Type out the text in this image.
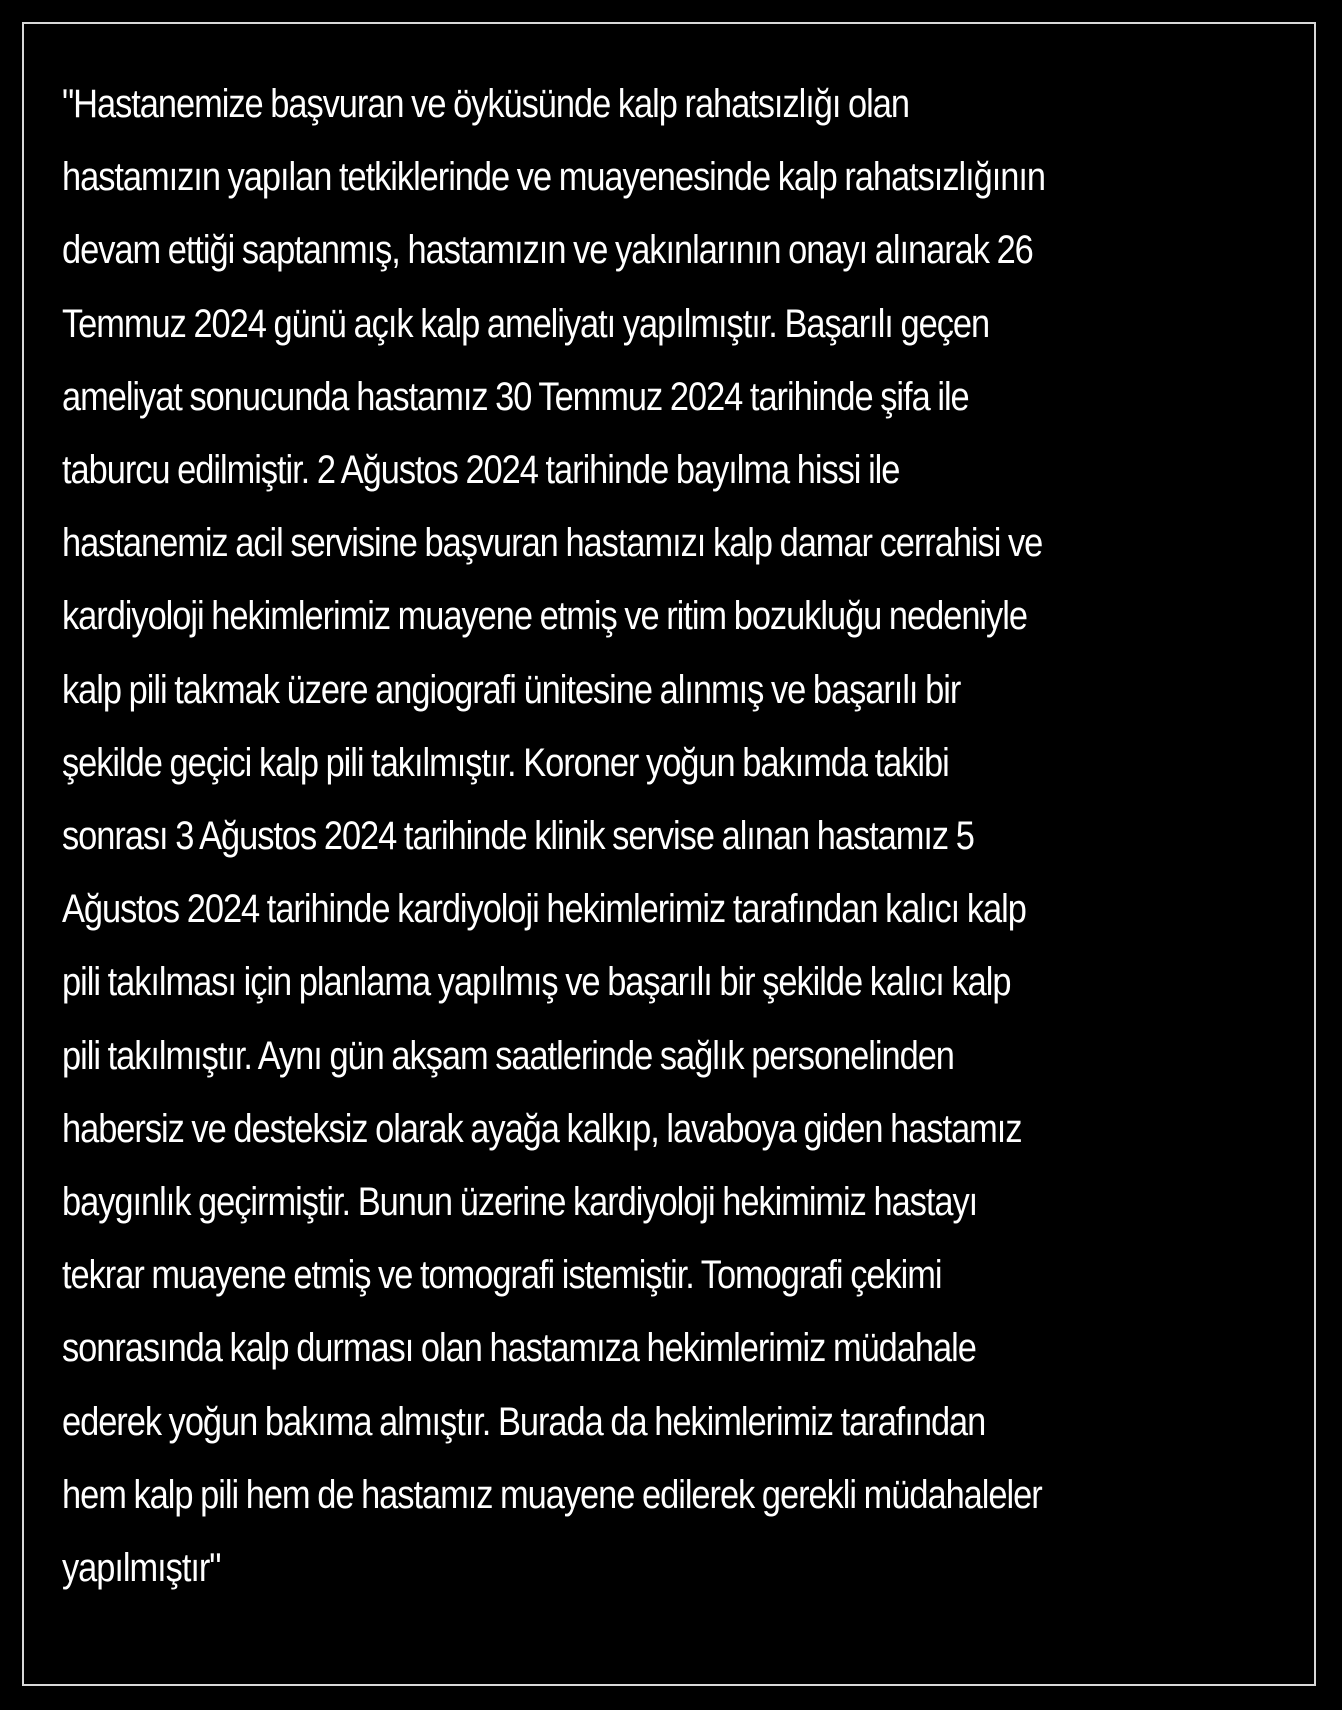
"Hastanemize başvuran ve öyküsünde kalp rahatsızlığı olan
hastamızın yapılan tetkiklerinde ve muayenesinde kalp rahatsızlığının
devam ettiği saptanmış, hastamızın ve yakınlarının onayı alınarak 26
Temmuz 2024 günü açık kalp ameliyatı yapılmıştır. Başarılı geçen
ameliyat sonucunda hastamız 30 Temmuz 2024 tarihinde şifa ile
taburcu edilmiştir. 2 Ağustos 2024 tarihinde bayılma hissi ile
hastanemiz acil servisine başvuran hastamızı kalp damar cerrahisi ve
kardiyoloji hekimlerimiz muayene etmiş ve ritim bozukluğu nedeniyle
kalp pili takmak üzere angiografi ünitesine alınmış ve başarılı bir
şekilde geçici kalp pili takılmıştır. Koroner yoğun bakımda takibi
sonrası 3 Ağustos 2024 tarihinde klinik servise alınan hastamız 5
Ağustos 2024 tarihinde kardiyoloji hekimlerimiz tarafından kalıcı kalp
pili takılması için planlama yapılmış ve başarılı bir şekilde kalıcı kalp
pili takılmıştır. Aynı gün akşam saatlerinde sağlık personelinden
habersiz ve desteksiz olarak ayağa kalkıp, lavaboya giden hastamız
baygınlık geçirmiştir. Bunun üzerine kardiyoloji hekimimiz hastayı
tekrar muayene etmiş ve tomografi istemiştir. Tomografi çekimi
sonrasında kalp durması olan hastamıza hekimlerimiz müdahale
ederek yoğun bakıma almıştır. Burada da hekimlerimiz tarafından
hem kalp pili hem de hastamız muayene edilerek gerekli müdahaleler
yapılmıştır"
